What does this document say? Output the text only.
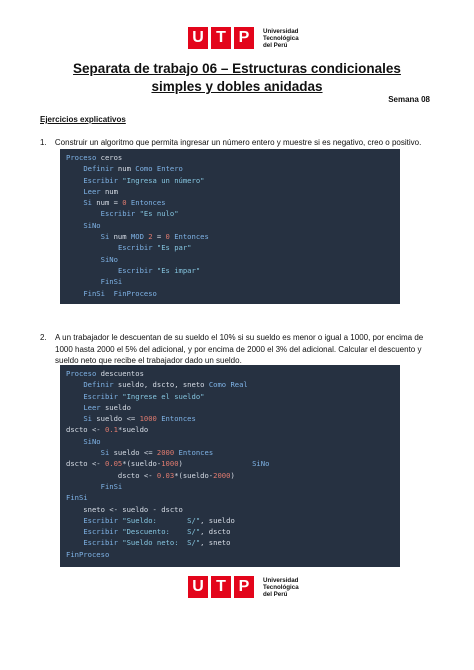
U T P	Universidad
Tecnológica
del Perú
Separata de trabajo 06 – Estructuras condicionales simples y dobles anidadas
Semana 08
Ejercicios explicativos
1. Construir un algoritmo que permita ingresar un número entero y muestre si es negativo, creo o positivo.
Proceso ceros
Definir num Como Entero
Escribir "Ingresa un número"
Leer num
Si num = 0 Entonces
Escribir "Es nulo"
SiNo
Si num MOD 2 = 0 Entonces
Escribir "Es par"
SiNo
Escribir "Es impar"
FinSi
FinSi FinProceso
2. A un trabajador le descuentan de su sueldo el 10% si su sueldo es menor o igual a 1000, por encima de
1000 hasta 2000 el 5% del adicional, y por encima de 2000 el 3% del adicional. Calcular el descuento y
sueldo neto que recibe el trabajador dado un sueldo.
Proceso descuentos
Definir sueldo, dscto, sneto Como Real
Escribir "Ingrese el sueldo"
Leer sueldo
Si sueldo <= 1000 Entonces
dscto <- 0.1*sueldo
SiNo
Si sueldo <= 2000 Entonces
dscto <- 0.05*(sueldo-1000)                SiNo
dscto <- 0.03*(sueldo-2000)
FinSi
FinSi
sneto <- sueldo - dscto
Escribir "Sueldo:       S/", sueldo
Escribir "Descuento:    S/", dscto
Escribir "Sueldo neto:  S/", sneto
FinProceso
U T P	Universidad
Tecnológica
del Perú
